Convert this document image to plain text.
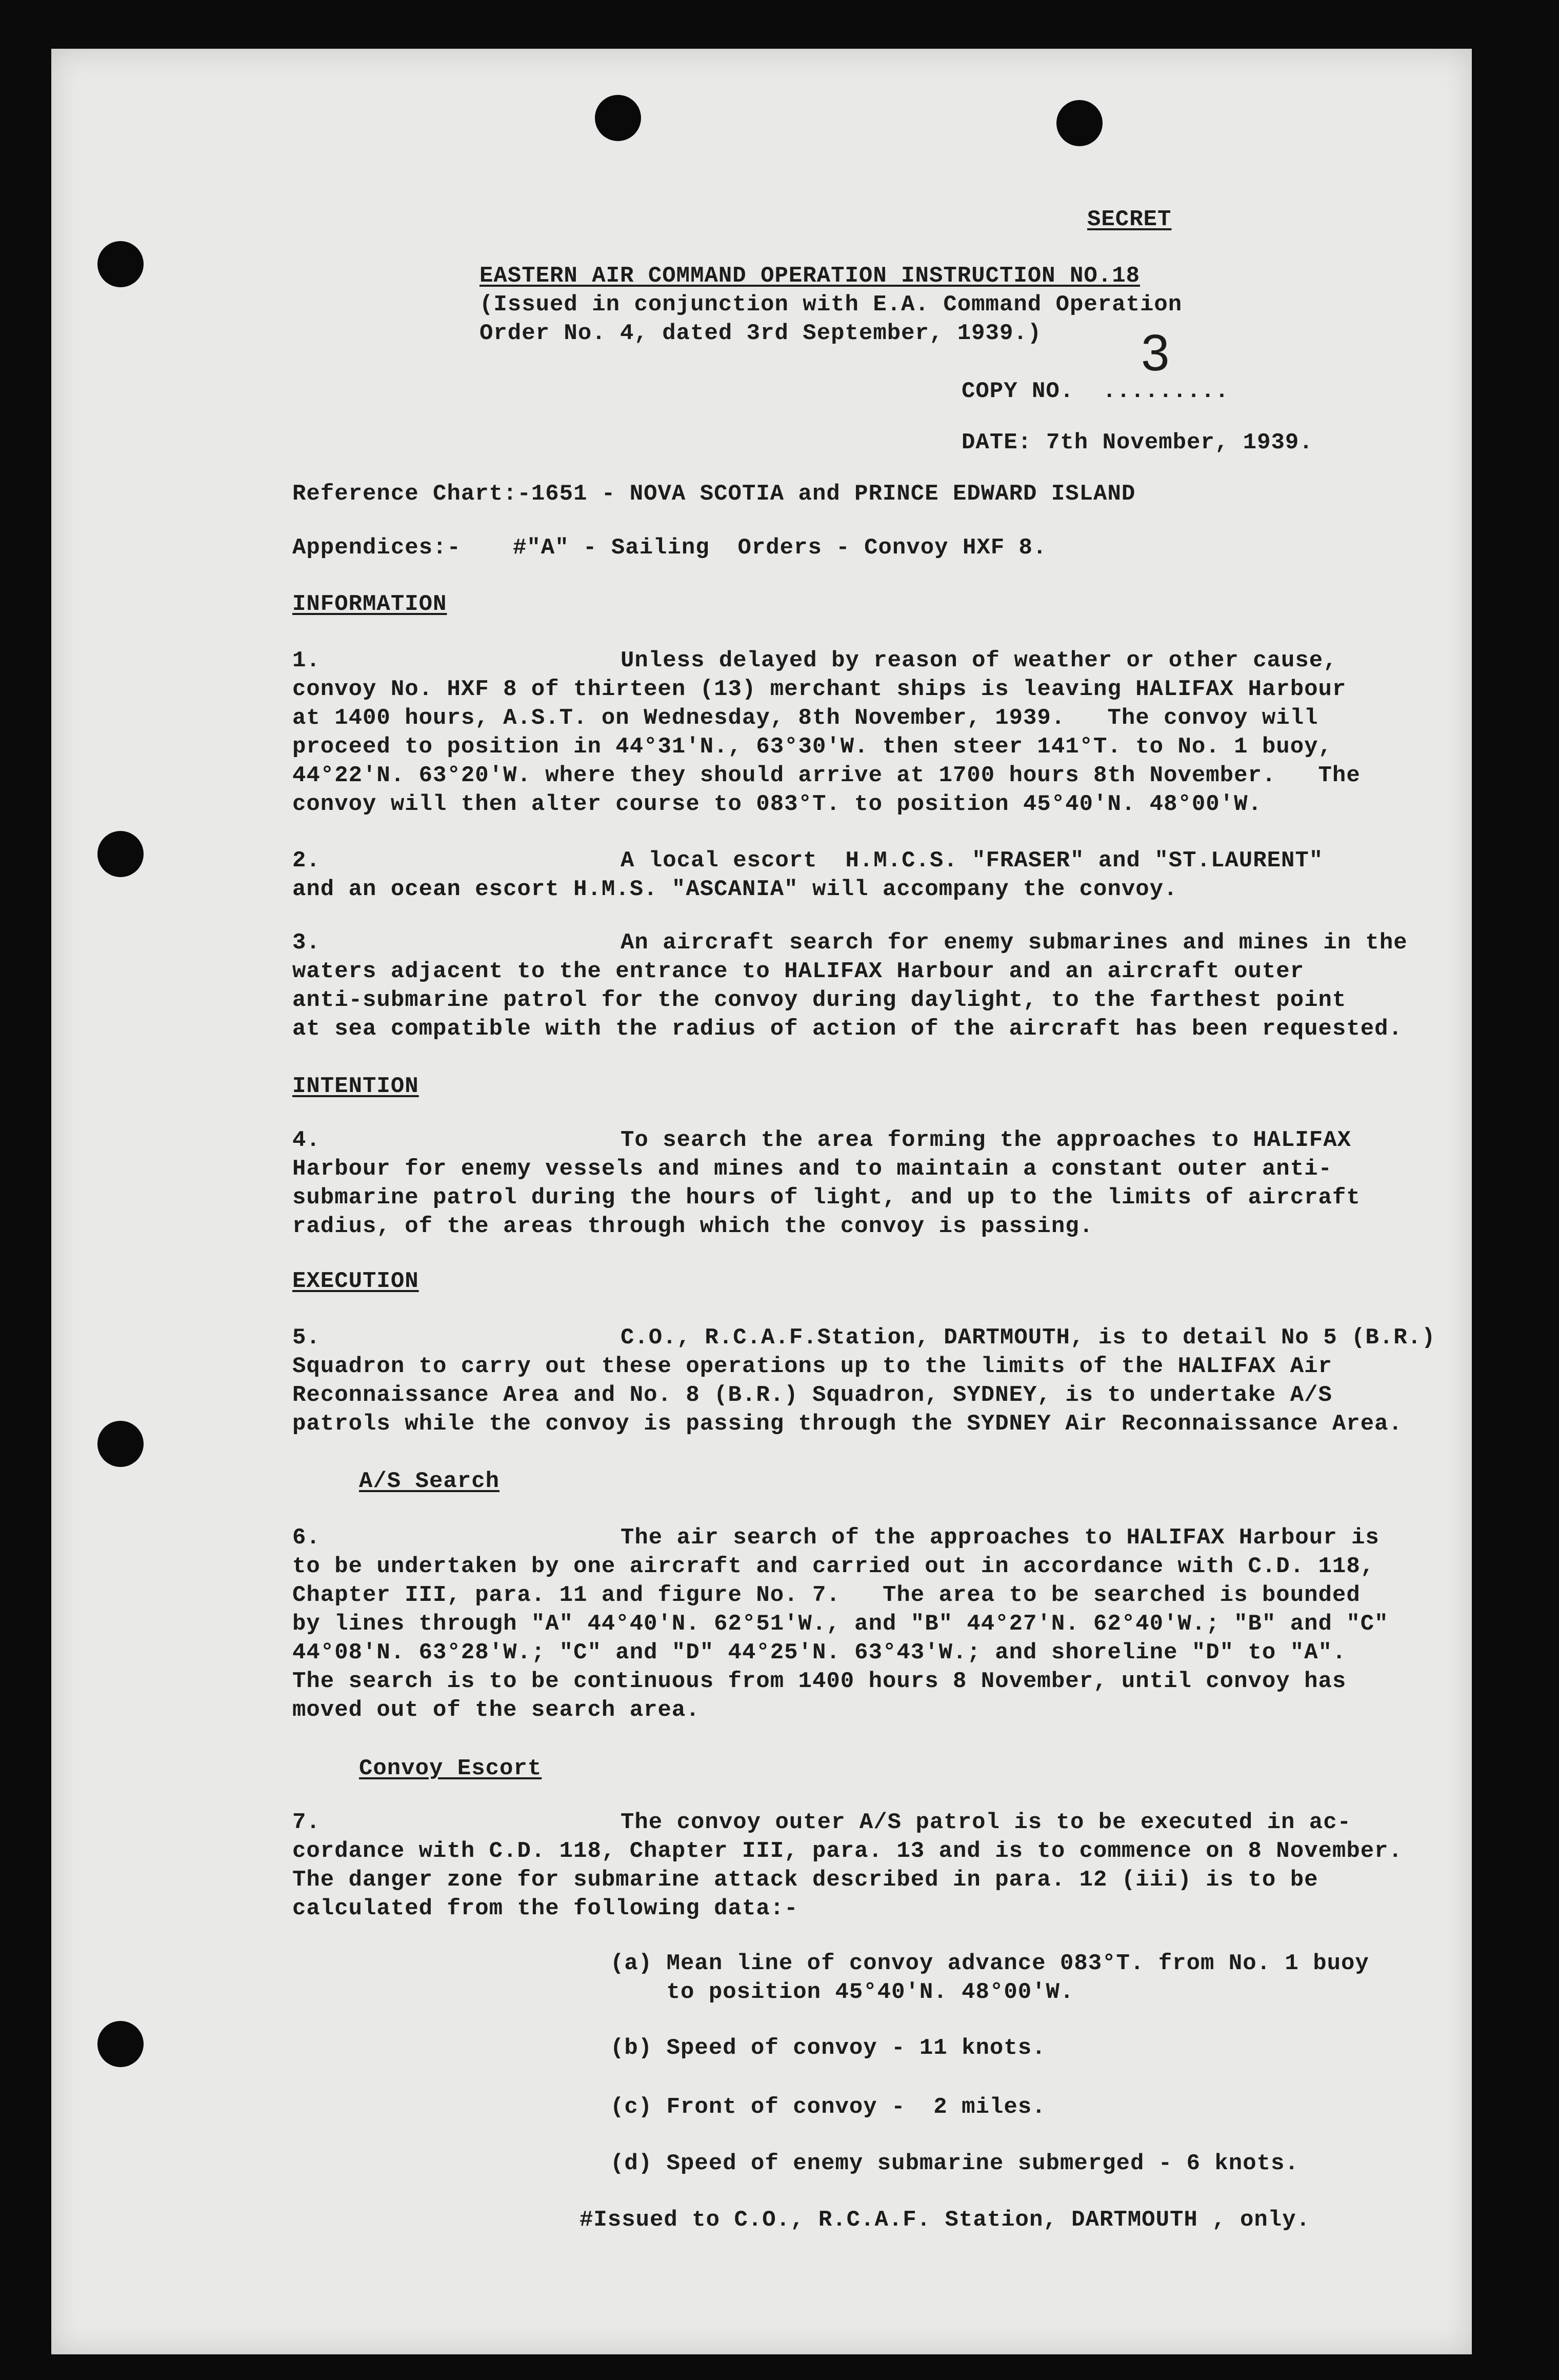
SECRET
EASTERN AIR COMMAND OPERATION INSTRUCTION NO.18
(Issued in conjunction with E.A. Command Operation
Order No. 4, dated 3rd September, 1939.)
COPY NO. .........
3
DATE: 7th November, 1939.
Reference Chart:-1651 - NOVA SCOTIA and PRINCE EDWARD ISLAND
Appendices:- #"A" - Sailing  Orders - Convoy HXF 8.
INFORMATION
1.	Unless delayed by reason of weather or other cause,
convoy No. HXF 8 of thirteen (13) merchant ships is leaving HALIFAX Harbour
at 1400 hours, A.S.T. on Wednesday, 8th November, 1939.   The convoy will
proceed to position in 44°31'N., 63°30'W. then steer 141°T. to No. 1 buoy,
44°22'N. 63°20'W. where they should arrive at 1700 hours 8th November.   The
convoy will then alter course to 083°T. to position 45°40'N. 48°00'W.
2.	A local escort  H.M.C.S. "FRASER" and "ST.LAURENT"
and an ocean escort H.M.S. "ASCANIA" will accompany the convoy.
3.	An aircraft search for enemy submarines and mines in the
waters adjacent to the entrance to HALIFAX Harbour and an aircraft outer
anti-submarine patrol for the convoy during daylight, to the farthest point
at sea compatible with the radius of action of the aircraft has been requested.
INTENTION
4.	To search the area forming the approaches to HALIFAX
Harbour for enemy vessels and mines and to maintain a constant outer anti-
submarine patrol during the hours of light, and up to the limits of aircraft
radius, of the areas through which the convoy is passing.
EXECUTION
5.	C.O., R.C.A.F.Station, DARTMOUTH, is to detail No 5 (B.R.)
Squadron to carry out these operations up to the limits of the HALIFAX Air
Reconnaissance Area and No. 8 (B.R.) Squadron, SYDNEY, is to undertake A/S
patrols while the convoy is passing through the SYDNEY Air Reconnaissance Area.
A/S Search
6.	The air search of the approaches to HALIFAX Harbour is
to be undertaken by one aircraft and carried out in accordance with C.D. 118,
Chapter III, para. 11 and figure No. 7.   The area to be searched is bounded
by lines through "A" 44°40'N. 62°51'W., and "B" 44°27'N. 62°40'W.; "B" and "C"
44°08'N. 63°28'W.; "C" and "D" 44°25'N. 63°43'W.; and shoreline "D" to "A".
The search is to be continuous from 1400 hours 8 November, until convoy has
moved out of the search area.
Convoy Escort
7.	The convoy outer A/S patrol is to be executed in ac-
cordance with C.D. 118, Chapter III, para. 13 and is to commence on 8 November.
The danger zone for submarine attack described in para. 12 (iii) is to be
calculated from the following data:-
(a) Mean line of convoy advance 083°T. from No. 1 buoy
to position 45°40'N. 48°00'W.
(b) Speed of convoy - 11 knots.
(c) Front of convoy -  2 miles.
(d) Speed of enemy submarine submerged - 6 knots.
#Issued to C.O., R.C.A.F. Station, DARTMOUTH , only.
